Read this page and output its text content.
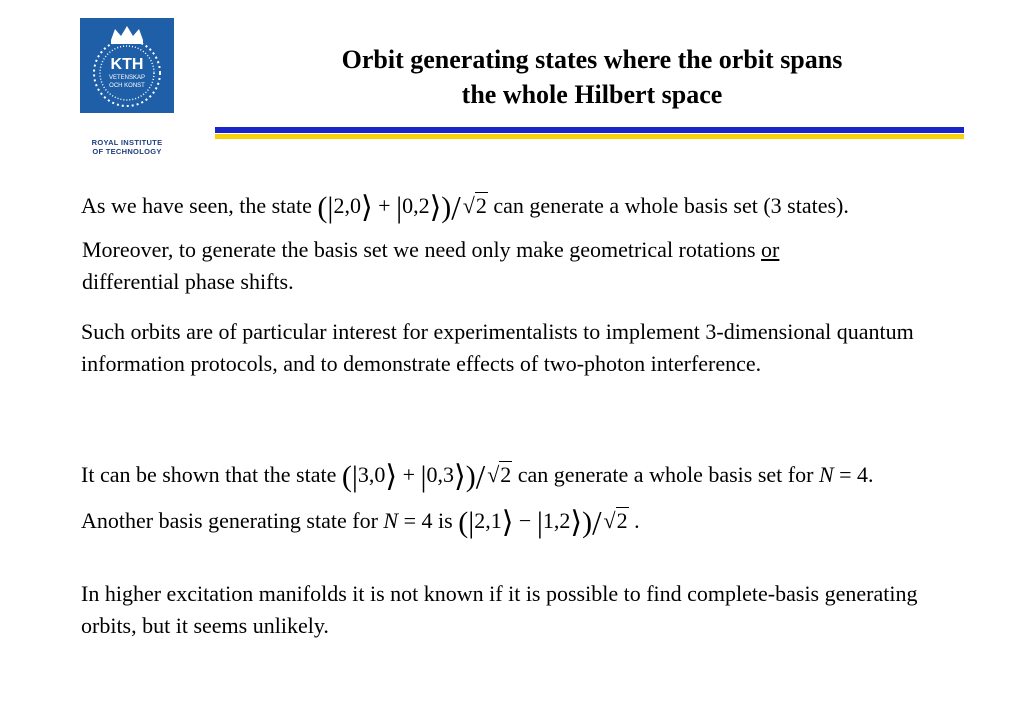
KTH
VETENSKAP
OCH KONST
ROYAL INSTITUTE
OF TECHNOLOGY
Orbit generating states where the orbit spans
the whole Hilbert space
As we have seen, the state (|2,0⟩ + |0,2⟩)/√2 can generate a whole basis set (3 states).
Moreover, to generate the basis set we need only make geometrical rotations or
differential phase shifts.
Such orbits are of particular interest for experimentalists to implement 3-dimensional quantum information protocols, and to demonstrate effects of two-photon interference.
It can be shown that the state (|3,0⟩ + |0,3⟩)/√2 can generate a whole basis set for N = 4.
Another basis generating state for N = 4 is (|2,1⟩ − |1,2⟩)/√2 .
In higher excitation manifolds it is not known if it is possible to find complete-basis generating orbits, but it seems unlikely.
